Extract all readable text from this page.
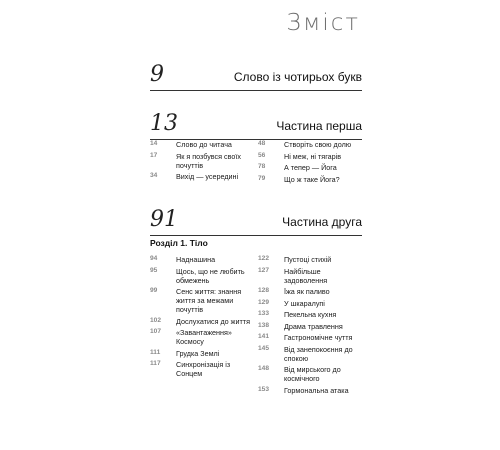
Зміст
9	Слово із чотирьох букв
13	Частина перша
14	Слово до читача
17	Як я позбувся своїх почуттів
34	Вихід — усередині
48	Створіть свою долю
56	Ні меж, ні тягарів
78	А тепер — Йога
79	Що ж таке Йога?
91	Частина друга
Розділ 1. Тіло
94	Наднашина
95	Щось, що не любить обмежень
99	Сенс життя: знання життя за межами почуттів
102	Дослухатися до життя
107	«Завантаження» Космосу
111	Грудка Землі
117	Синхронізація із Сонцем
122	Пустоці стихій
127	Найбільше задоволення
128	Їжа як паливо
129	У шкаралупі
133	Пекельна кухня
138	Драма травлення
141	Гастрономічне чуття
145	Від занепокоєння до спокою
148	Від мирського до космічного
153	Гормональна атака
